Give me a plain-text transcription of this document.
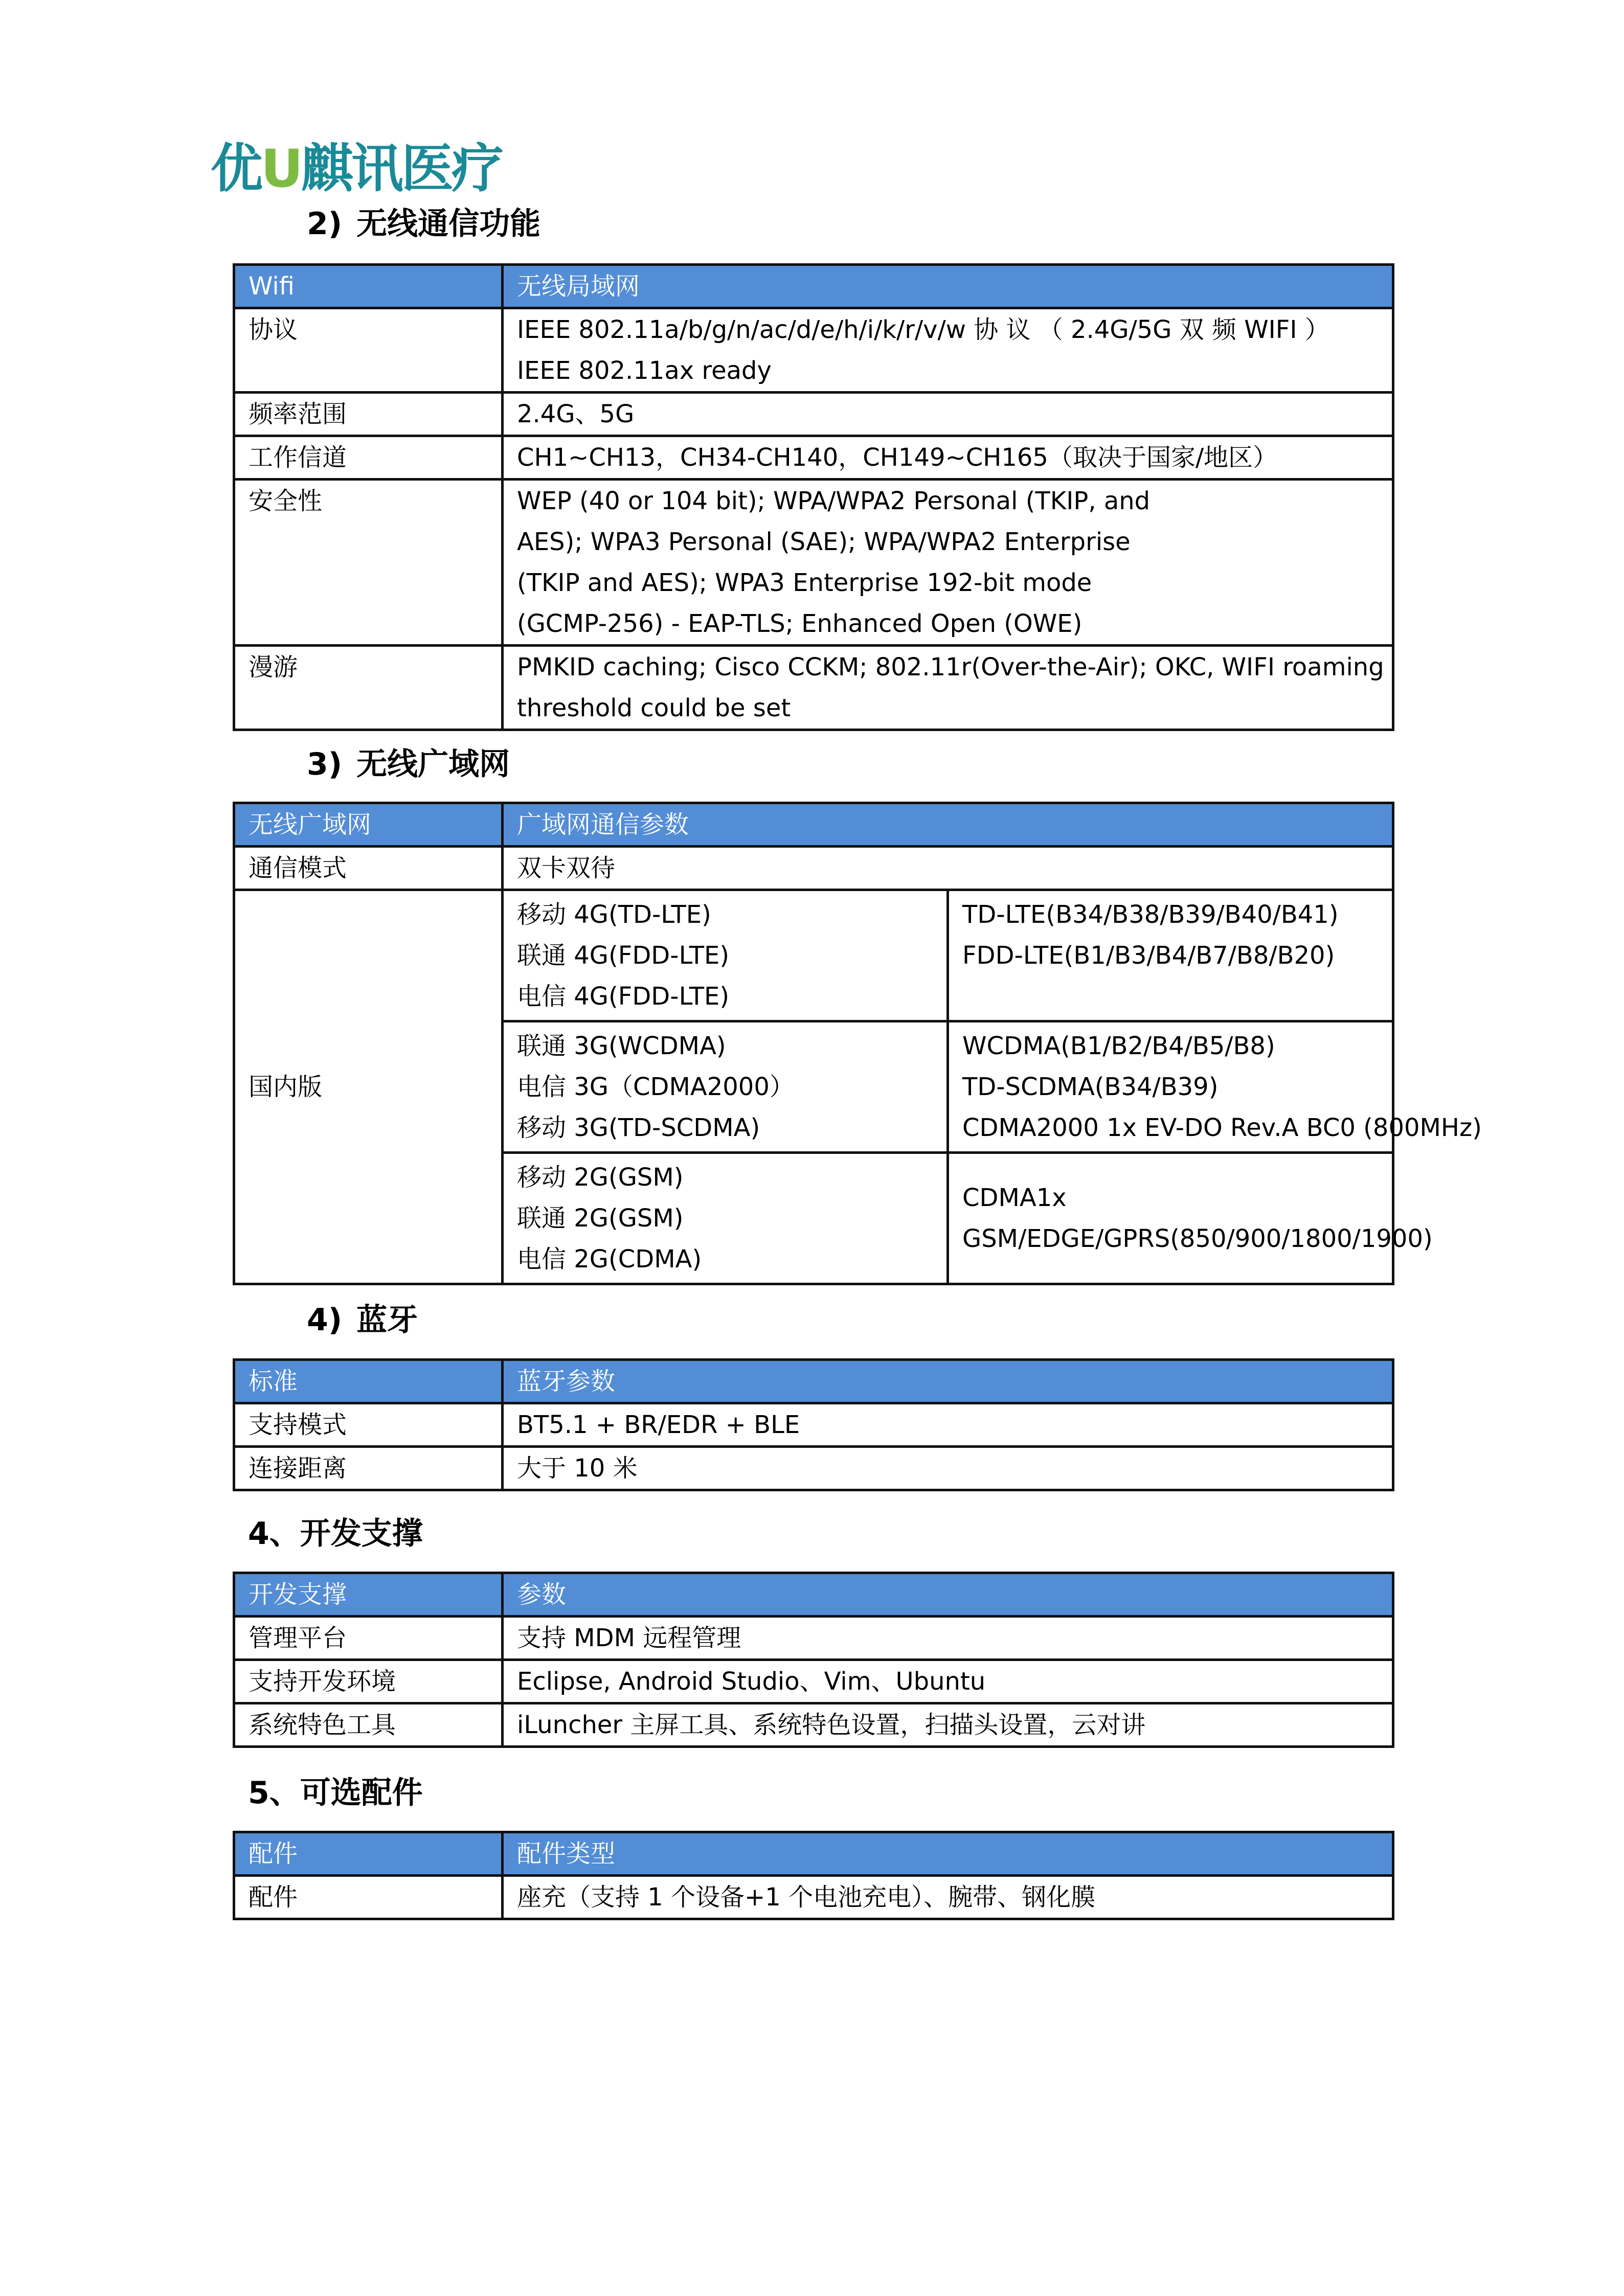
优U麒讯医疗
2) 无线通信功能
Wifi	无线局域网
协议	IEEE 802.11a/b/g/n/ac/d/e/h/i/k/r/v/w 协 议 （ 2.4G/5G 双 频 WIFI ）
IEEE 802.11ax ready

频率范围	2.4G、5G

工作信道	CH1~CH13，CH34-CH140，CH149~CH165（取决于国家/地区）

安全性	WEP (40 or 104 bit); WPA/WPA2 Personal (TKIP, and
AES); WPA3 Personal (SAE); WPA/WPA2 Enterprise
(TKIP and AES); WPA3 Enterprise 192-bit mode
(GCMP-256) - EAP-TLS; Enhanced Open (OWE)

漫游	PMKID caching; Cisco CCKM; 802.11r(Over-the-Air); OKC, WIFI roaming
threshold could be set
3) 无线广域网
无线广域网	广域网通信参数	
通信模式	双卡双待	
国内版	移动 4G(TD-LTE)
联通 4G(FDD-LTE)
电信 4G(FDD-LTE)	TD-LTE(B34/B38/B39/B40/B41)
FDD-LTE(B1/B3/B4/B7/B8/B20)

	联通 3G(WCDMA)
电信 3G（CDMA2000）
移动 3G(TD-SCDMA)	WCDMA(B1/B2/B4/B5/B8)
TD-SCDMA(B34/B39)
CDMA2000 1x EV-DO Rev.A BC0 (800MHz)

	移动 2G(GSM)
联通 2G(GSM)
电信 2G(CDMA)	CDMA1x
GSM/EDGE/GPRS(850/900/1800/1900)
4) 蓝牙
标准	蓝牙参数
支持模式	BT5.1 + BR/EDR + BLE
连接距离	大于 10 米
4、开发支撑
开发支撑	参数
管理平台	支持 MDM 远程管理
支持开发环境	Eclipse, Android Studio、Vim、Ubuntu
系统特色工具	iLuncher 主屏工具、系统特色设置，扫描头设置，云对讲
5、可选配件
配件	配件类型
配件	座充（支持 1 个设备+1 个电池充电）、腕带、钢化膜
